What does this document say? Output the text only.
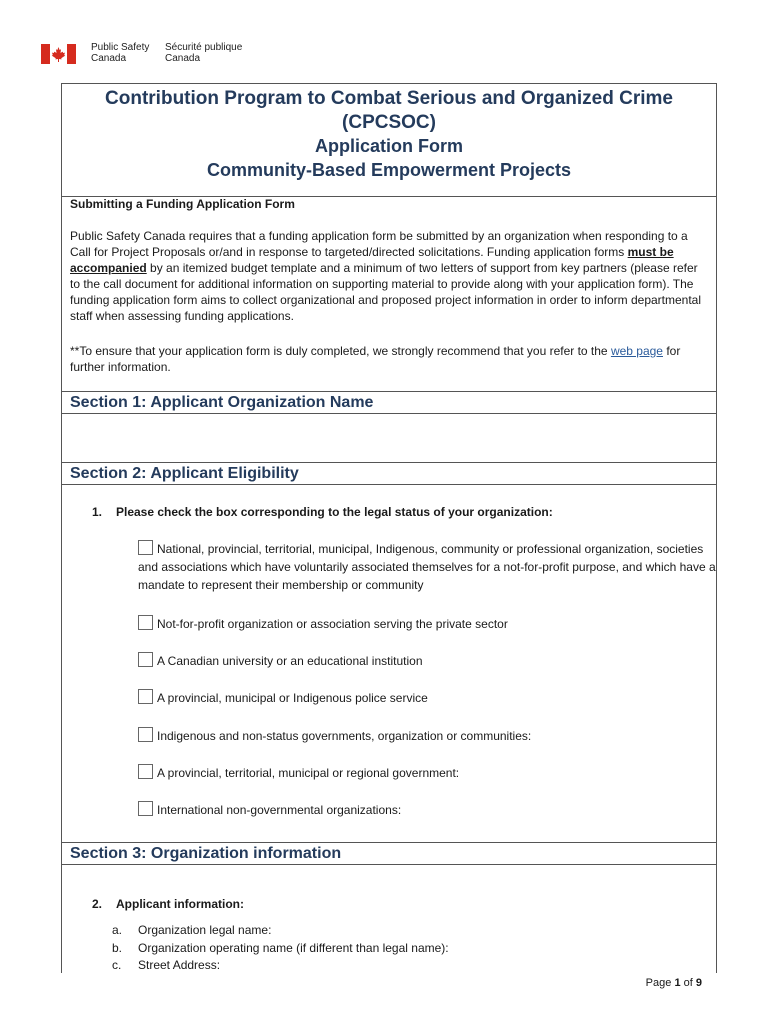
Public Safety
Canada
Sécurité publique
Canada
Contribution Program to Combat Serious and Organized Crime (CPCSOC)
Application Form
Community-Based Empowerment Projects
Submitting a Funding Application Form
Public Safety Canada requires that a funding application form be submitted by an organization when responding to a Call for Project Proposals or/and in response to targeted/directed solicitations. Funding application forms must be accompanied by an itemized budget template and a minimum of two letters of support from key partners (please refer to the call document for additional information on supporting material to provide along with your application form). The funding application form aims to collect organizational and proposed project information in order to inform departmental staff when assessing funding applications.
**To ensure that your application form is duly completed, we strongly recommend that you refer to the web page for further information.
Section 1: Applicant Organization Name
Section 2: Applicant Eligibility
1. Please check the box corresponding to the legal status of your organization:
National, provincial, territorial, municipal, Indigenous, community or professional organization, societies and associations which have voluntarily associated themselves for a not-for-profit purpose, and which have a mandate to represent their membership or community
Not-for-profit organization or association serving the private sector
A Canadian university or an educational institution
A provincial, municipal or Indigenous police service
Indigenous and non-status governments, organization or communities:
A provincial, territorial, municipal or regional government:
International non-governmental organizations:
Section 3: Organization information
2. Applicant information:
a. Organization legal name:
b. Organization operating name (if different than legal name):
c. Street Address:
Page 1 of 9
